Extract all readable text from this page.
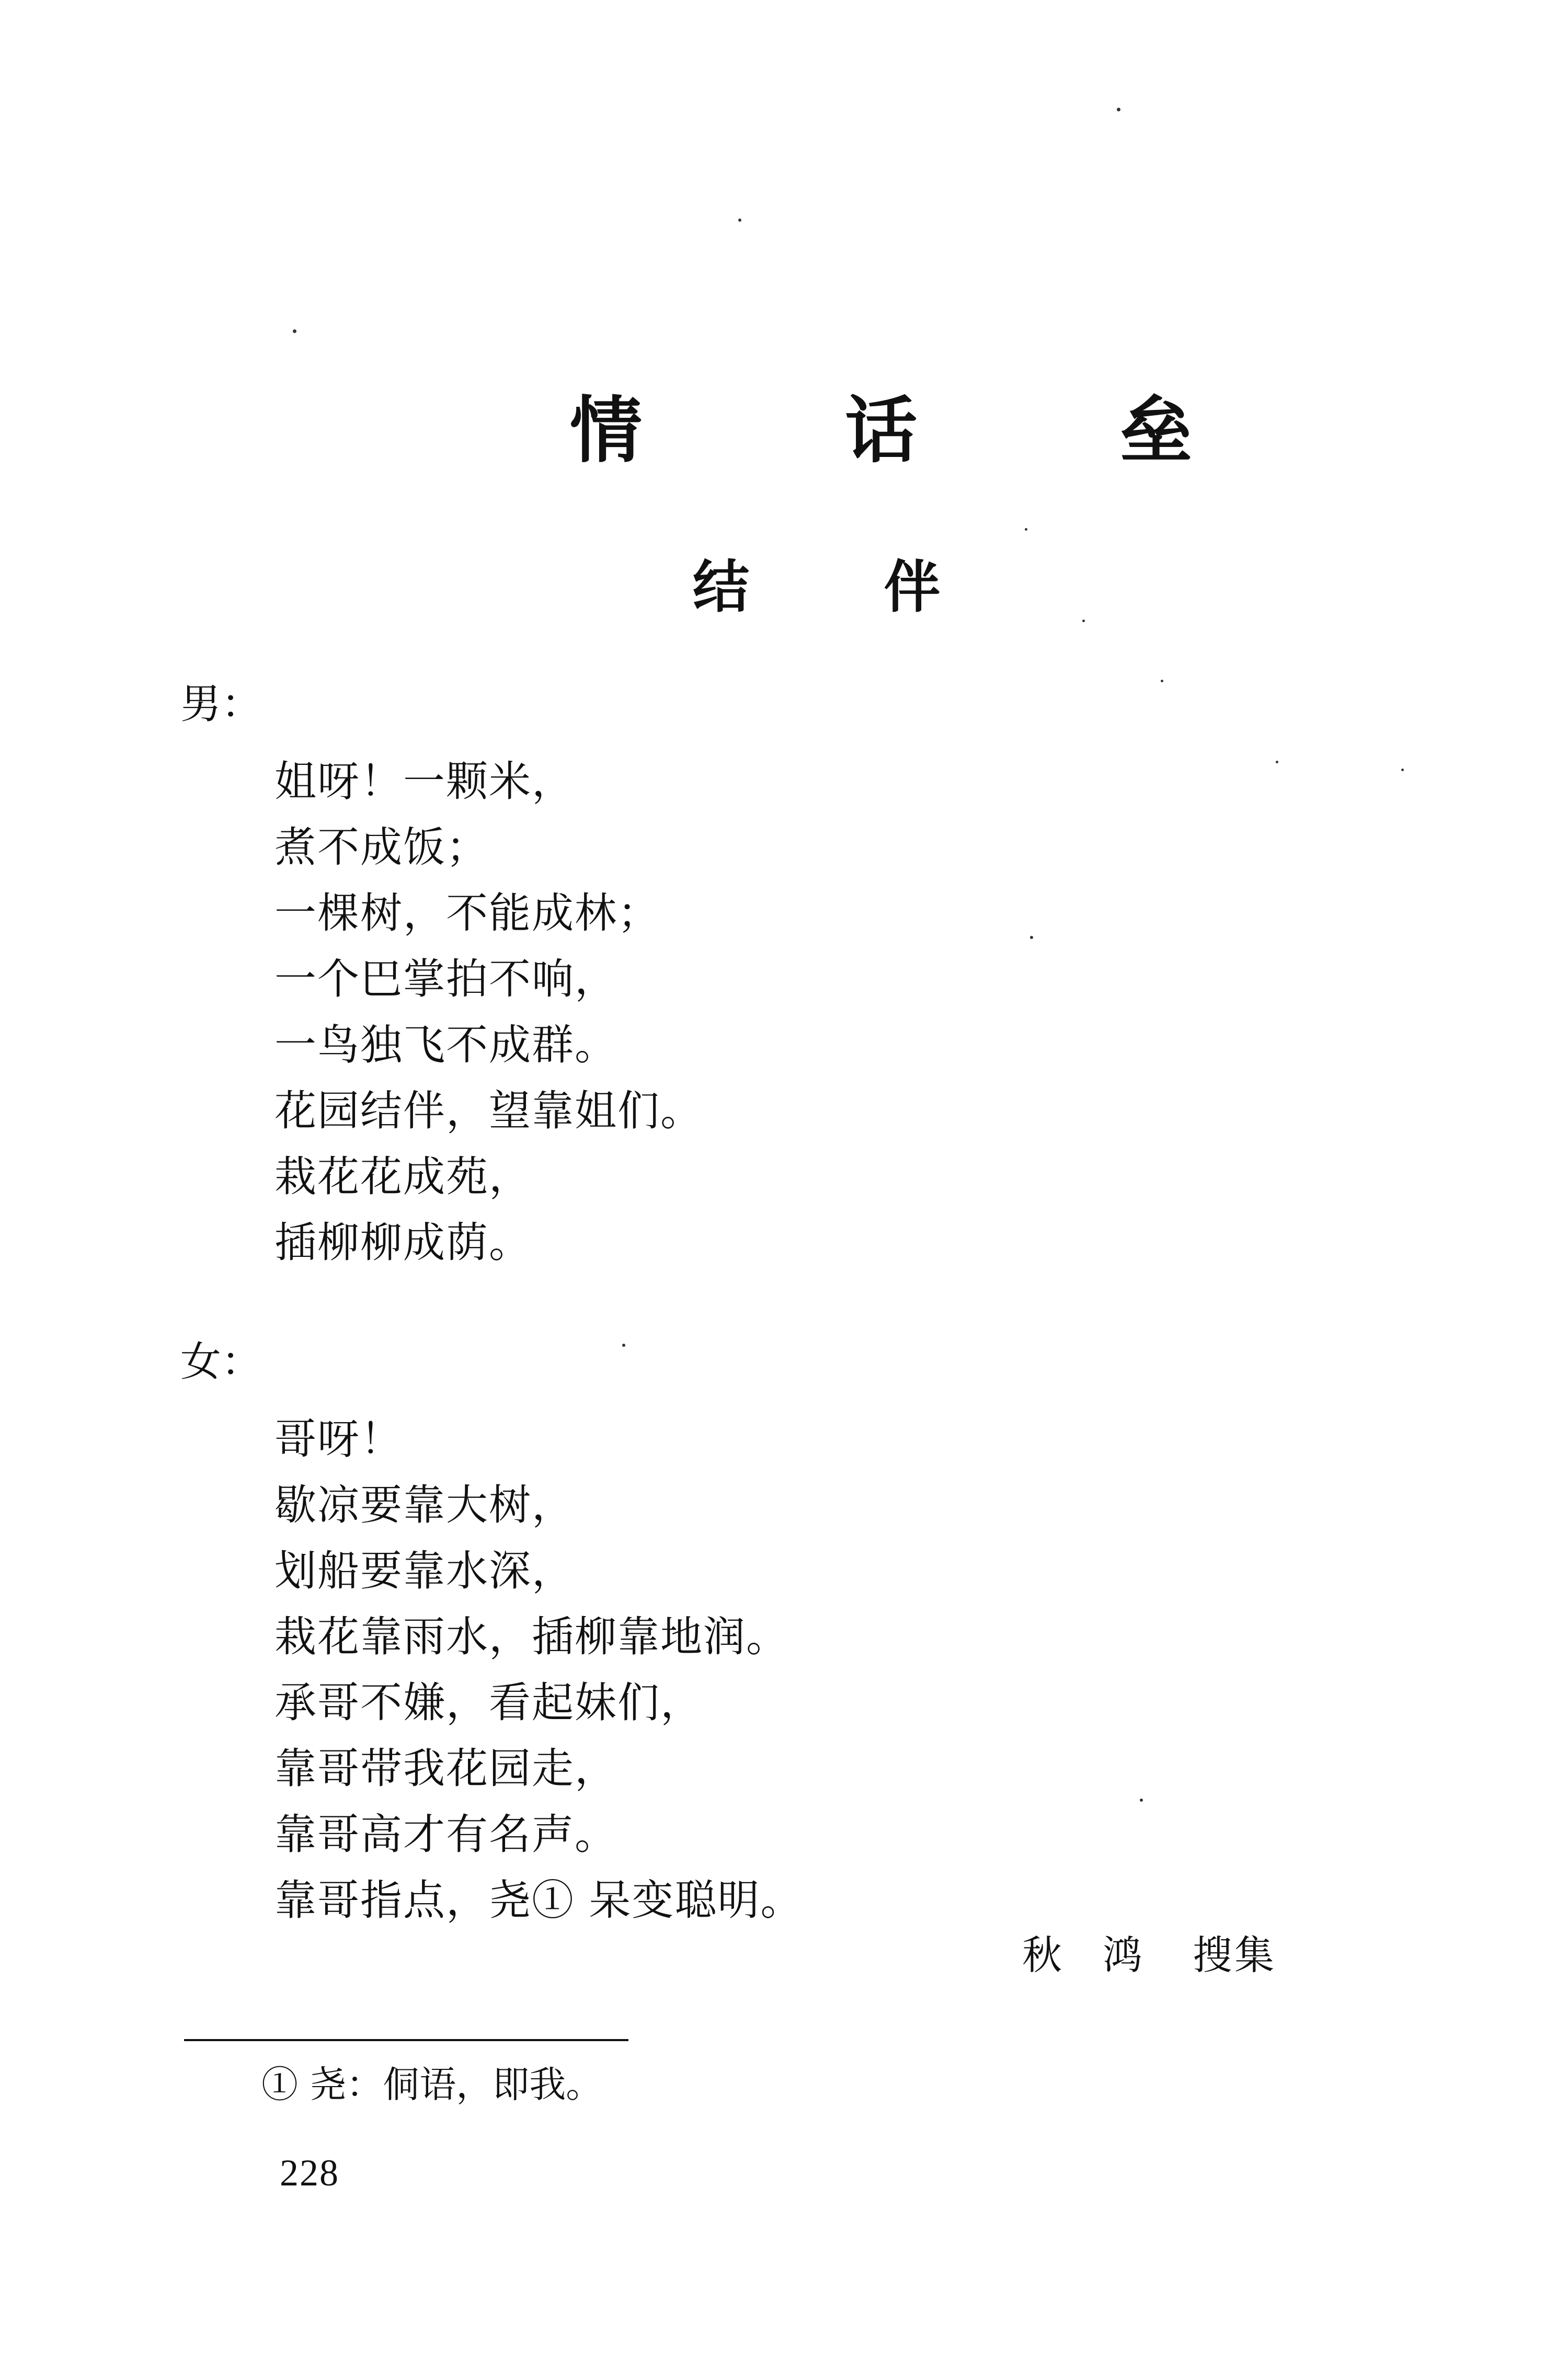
情 话 垒
结 伴
男：
姐呀！一颗米，
煮不成饭；
一棵树，不能成林；
一个巴掌拍不响，
一鸟独飞不成群。
花园结伴，望靠姐们。
栽花花成苑，
插柳柳成荫。
女：
哥呀！
歇凉要靠大树，
划船要靠水深，
栽花靠雨水，插柳靠地润。
承哥不嫌，看起妹们，
靠哥带我花园走，
靠哥高才有名声。
靠哥指点，尧① 呆变聪明。
秋鸿 搜集
① 尧：侗语，即我。
228
